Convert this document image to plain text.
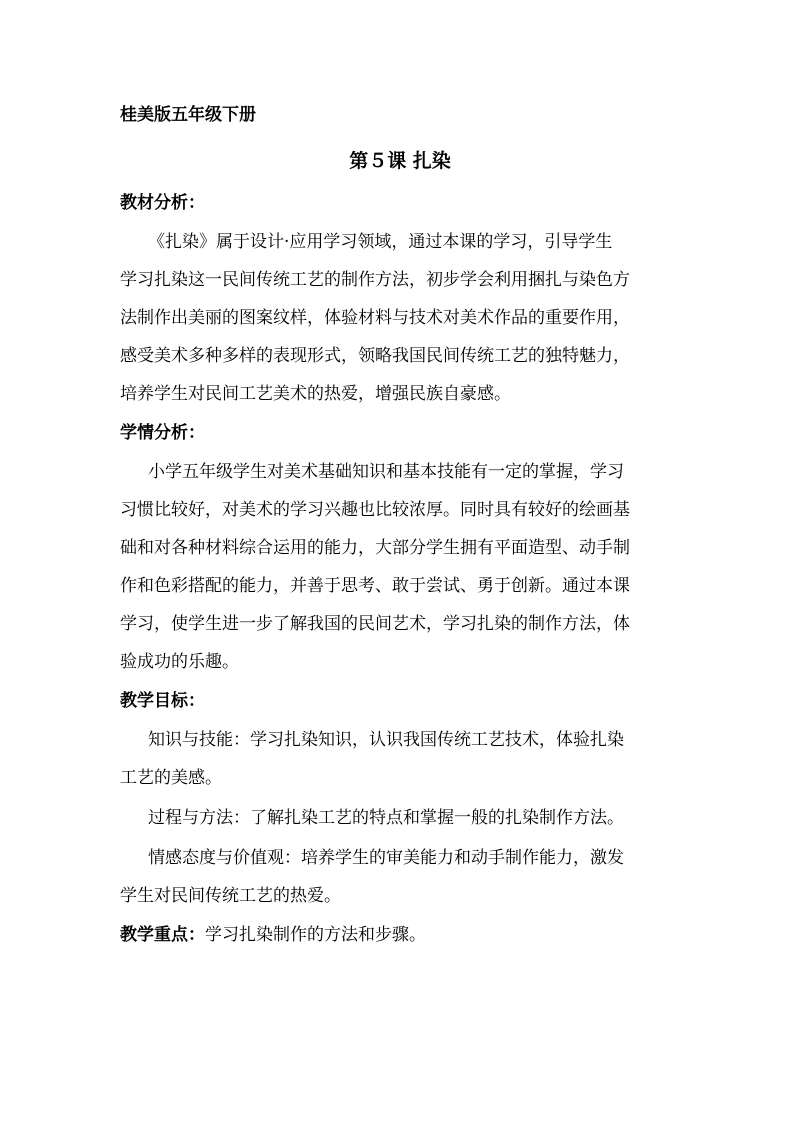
桂美版五年级下册
第５课 扎染
教材分析：
《扎染》属于设计·应用学习领域，通过本课的学习，引导学生
学习扎染这一民间传统工艺的制作方法，初步学会利用捆扎与染色方
法制作出美丽的图案纹样，体验材料与技术对美术作品的重要作用，
感受美术多种多样的表现形式，领略我国民间传统工艺的独特魅力，
培养学生对民间工艺美术的热爱，增强民族自豪感。
学情分析：
小学五年级学生对美术基础知识和基本技能有一定的掌握，学习
习惯比较好，对美术的学习兴趣也比较浓厚。同时具有较好的绘画基
础和对各种材料综合运用的能力，大部分学生拥有平面造型、动手制
作和色彩搭配的能力，并善于思考、敢于尝试、勇于创新。通过本课
学习，使学生进一步了解我国的民间艺术，学习扎染的制作方法，体
验成功的乐趣。
教学目标：
知识与技能：学习扎染知识，认识我国传统工艺技术，体验扎染
工艺的美感。
过程与方法：了解扎染工艺的特点和掌握一般的扎染制作方法。
情感态度与价值观：培养学生的审美能力和动手制作能力，激发
学生对民间传统工艺的热爱。
教学重点：学习扎染制作的方法和步骤。
